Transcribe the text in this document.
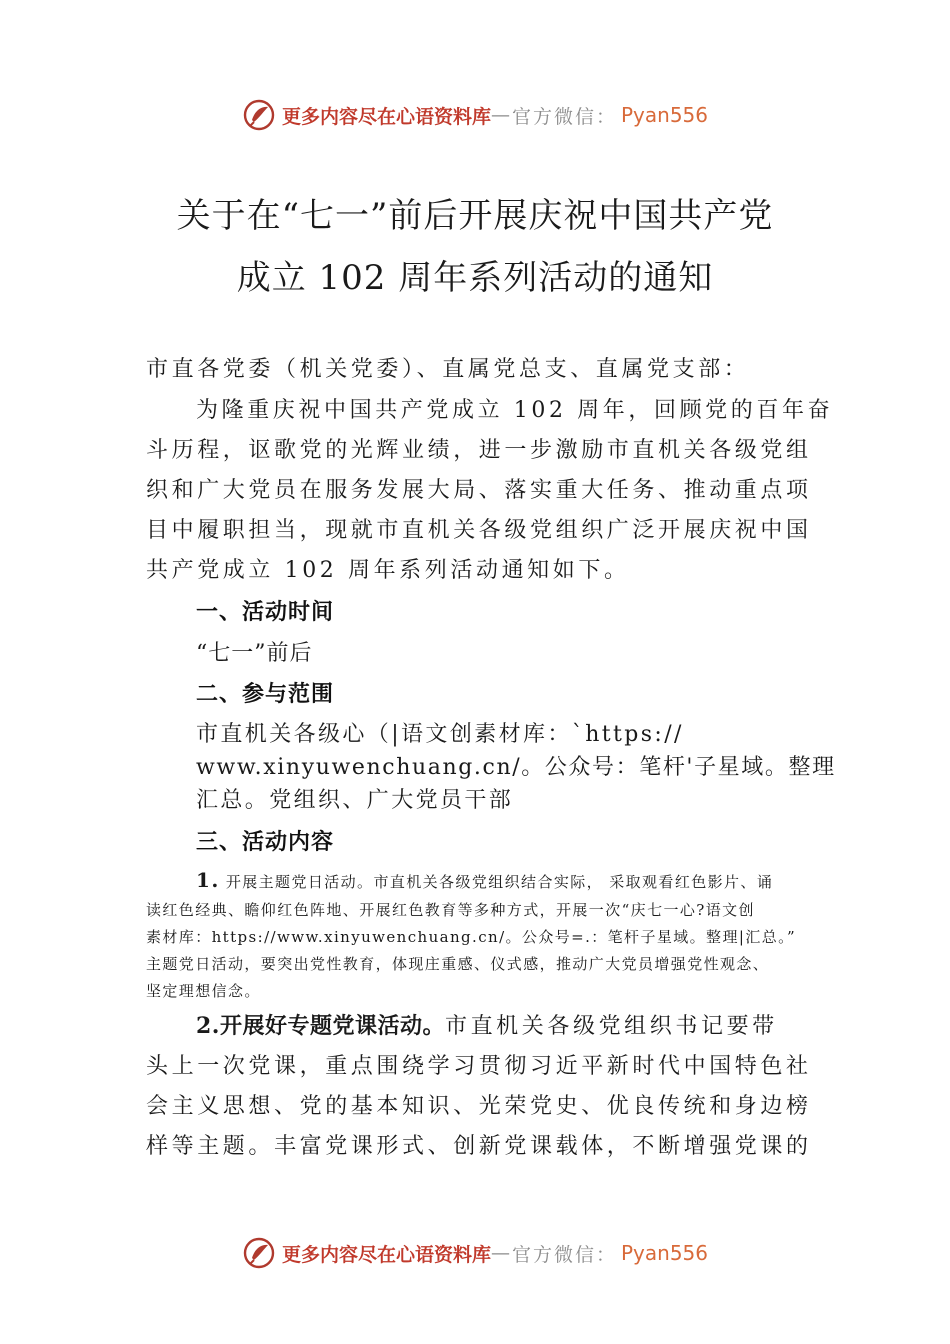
更多内容尽在心语资料库 — 官方微信： Pyan556
关于在“七一”前后开展庆祝中国共产党
成立 102 周年系列活动的通知
市直各党委（机关党委）、直属党总支、直属党支部：
为隆重庆祝中国共产党成立 102 周年，回顾党的百年奋
斗历程，讴歌党的光辉业绩，进一步激励市直机关各级党组
织和广大党员在服务发展大局、落实重大任务、推动重点项
目中履职担当，现就市直机关各级党组织广泛开展庆祝中国
共产党成立 102 周年系列活动通知如下。
一、活动时间
“七一”前后
二、参与范围
市直机关各级心（|语文创素材库：`https://
www.xinyuwenchuang.cn/。公众号：笔杆'子星域。整理
汇总。党组织、广大党员干部
三、活动内容
1. 开展主题党日活动。市直机关各级党组织结合实际， 采取观看红色影片、诵
读红色经典、瞻仰红色阵地、开展红色教育等多种方式，开展一次“庆七一心?语文创
素材库：https://www.xinyuwenchuang.cn/。公众号=.：笔杆子星域。整理|汇总。”
主题党日活动，要突出党性教育，体现庄重感、仪式感，推动广大党员增强党性观念、
坚定理想信念。
2.开展好专题党课活动。市直机关各级党组织书记要带
头上一次党课，重点围绕学习贯彻习近平新时代中国特色社
会主义思想、党的基本知识、光荣党史、优良传统和身边榜
样等主题。丰富党课形式、创新党课载体，不断增强党课的
更多内容尽在心语资料库 — 官方微信： Pyan556
